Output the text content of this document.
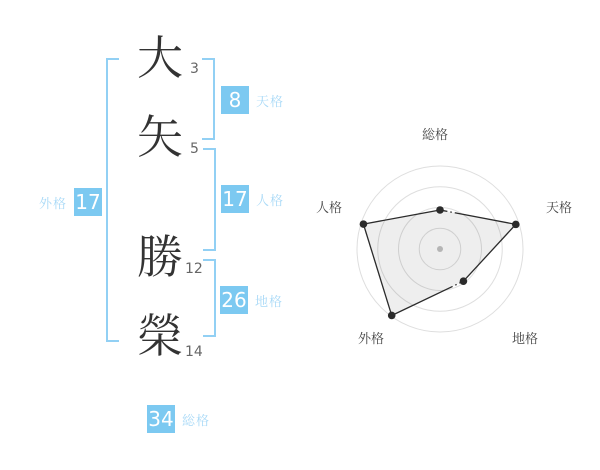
大
矢
勝
榮
3
5
12
14
8	天格
17 人格
26 地格
外格 17
34 総格
総格
天格
地格
外格
人格
